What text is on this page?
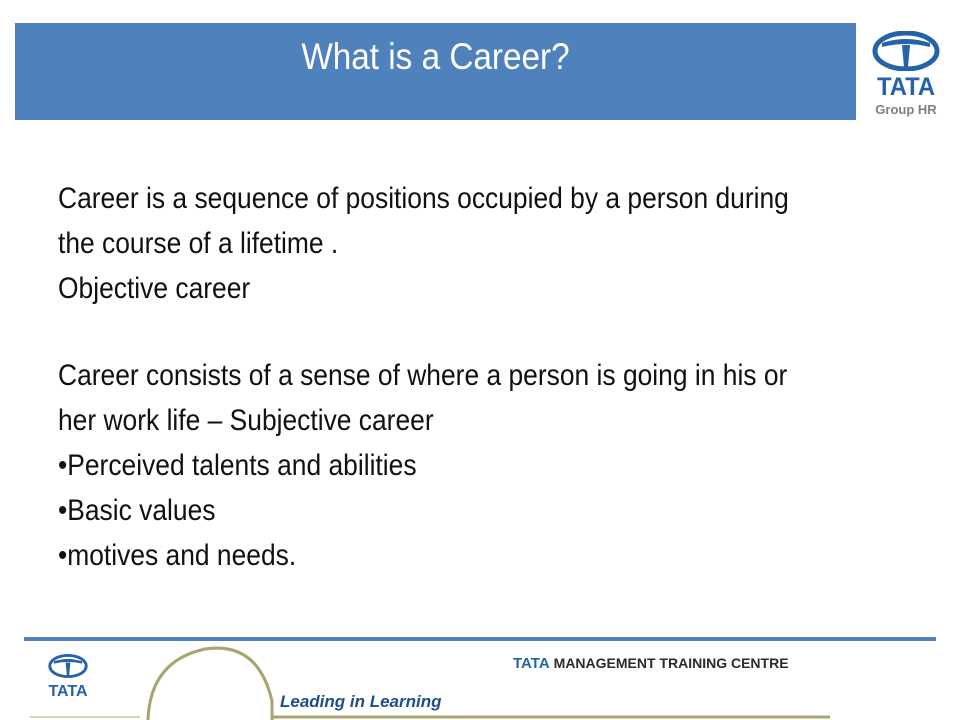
What is a Career?
TATA
Group HR
Career is a sequence of positions occupied by a person during
the course of a lifetime .
Objective career
Career consists of a sense of where a person is going in his or
her work life – Subjective career
•Perceived talents and abilities
•Basic values
•motives and needs.
TATA
TATA MANAGEMENT TRAINING CENTRE
Leading in Learning
